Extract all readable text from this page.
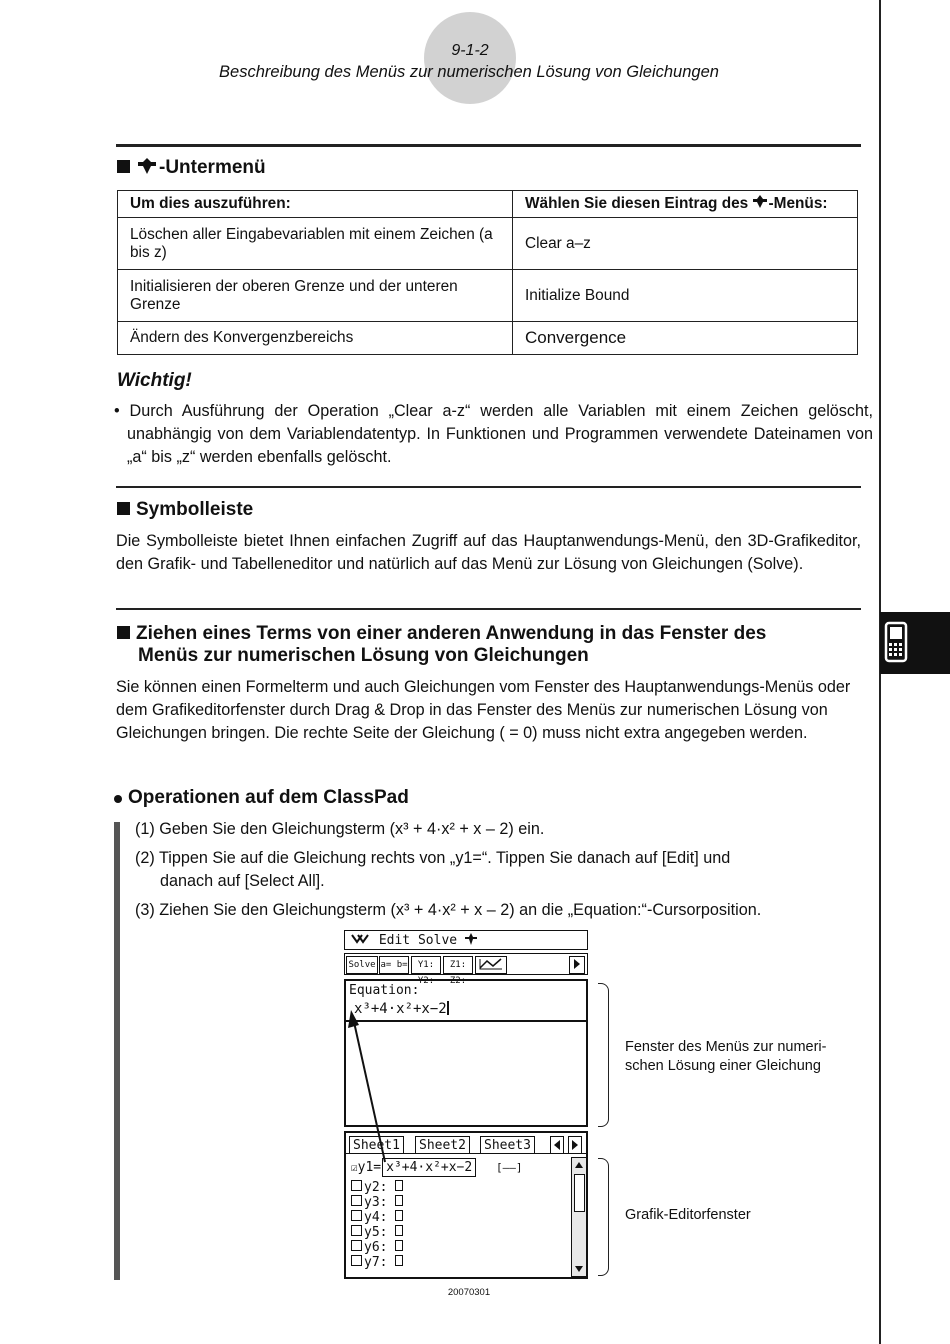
9-1-2
Beschreibung des Menüs zur numerischen Lösung von Gleichungen
-Untermenü
Um dies auszuführen:	Wählen Sie diesen Eintrag des -Menüs:
Löschen aller Eingabevariablen mit einem Zeichen (a bis z)	Clear a–z
Initialisieren der oberen Grenze und der unteren Grenze	Initialize Bound
Ändern des Konvergenzbereichs	Convergence
Wichtig!
• Durch Ausführung der Operation „Clear a-z“ werden alle Variablen mit einem Zeichen gelöscht, unabhängig von dem Variablendatentyp. In Funktionen und Programmen verwendete Dateinamen von „a“ bis „z“ werden ebenfalls gelöscht.
Symbolleiste
Die Symbolleiste bietet Ihnen einfachen Zugriff auf das Hauptanwendungs-Menü, den 3D-Grafikeditor, den Grafik- und Tabelleneditor und natürlich auf das Menü zur Lösung von Gleichungen (Solve).
Ziehen eines Terms von einer anderen Anwendung in das Fenster des
Menüs zur numerischen Lösung von Gleichungen
Sie können einen Formelterm und auch Gleichungen vom Fenster des Hauptanwendungs-Menüs oder dem Grafikeditorfenster durch Drag & Drop in das Fenster des Menüs zur numerischen Lösung von Gleichungen bringen. Die rechte Seite der Gleichung ( = 0) muss nicht extra angegeben werden.
Operationen auf dem ClassPad
(1) Geben Sie den Gleichungsterm (x³ + 4·x² + x – 2) ein.
(2) Tippen Sie auf die Gleichung rechts von „y1=“. Tippen Sie danach auf [Edit] und
danach auf [Select All].
(3) Ziehen Sie den Gleichungsterm (x³ + 4·x² + x – 2) an die „Equation:“-Cursorposition.
Edit Solve
Solve a= b=	Y1: Y2:
Z1: Z2:
Equation:
x³+4·x²+x−2
Sheet1	Sheet2	Sheet3
☑y1= x³+4·x²+x−2 [——]
y2:
y3:
y4:
y5:
y6:
y7:
Fenster des Menüs zur numeri-
schen Lösung einer Gleichung
Grafik-Editorfenster
20070301
